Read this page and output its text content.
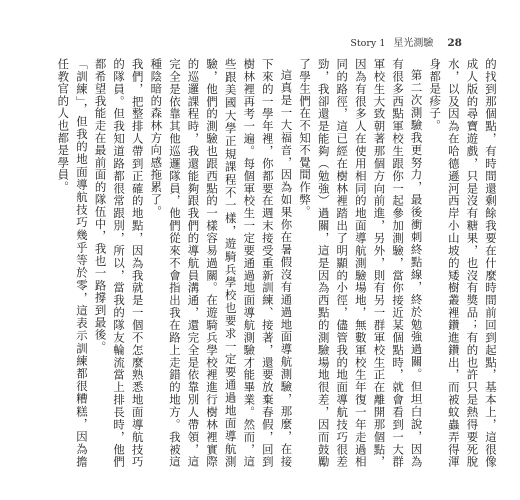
Story 1 星光測驗 28

的找到那個點，有時間還剩餘我要在什麼時間前回到起點，基本上，這很像成人版的尋寶遊戲，只是沒有糖果，也沒有獎品；有的也許只是熱得要死脫水，以及因為在哈德遜河西岸小山坡的矮樹叢裡鑽進鑽出，而被蚊蟲弄得渾身都是疹子。

第二次測驗我更努力，最後衝刺終點線，終於勉強過關。但坦白說，因為有很多西點軍校生跟你一起參加測驗，當你接近某個點時，就會看到一大群軍校生大致朝著那個方向前進，另外，則有另一群軍校生正在離開那個點，因為有很多人在使用相同的地面導航測驗場地，無數軍校生年復一年走過相同的路徑，這已經在樹林裡踏出了明顯的小徑，儘管我的地面導航技巧很差勁，我卻還是能夠（勉強）過關，這是因為西點的測驗場地很差，因而鼓勵了學生們在不知不覺間作弊。

這真是一大福音，因為如果你在暑假沒有通過地面導航測驗，那麼，在接下來的一學年裡，你都要在週末接受重新訓練、接著，還要放棄春假，回到樹林裡再考一遍。每個軍校生一定要通過地面導航測驗才能畢業。然而，這些跟美國大學正規課程不一樣，遊騎兵學校也要求一定要通過地面導航測驗，他們的測驗也跟西點的一樣容易過關。在遊騎兵學校裡進行樹林裡實際的巡邏課程時，我還能夠跟我們的導航員溝通，還完全是依靠別人帶領，這完全是依靠其他巡邏隊員，他們從來不會指出我在路上走錯的地方。我被這種陰暗的森林方向感拖累了。

我們，把整排人帶到正確的地點，因為我就是一個不怎麼熟悉地面導航技巧的隊員。但我知道路都很常跟別，所以，當我的隊友輪流當上排長時，他們都希望我能走在最前面的隊伍中，我也一路撐到最後。

「訓練」，但我的地面導航技巧幾乎等於零，這表示訓練都很糟糕，因為擔任教官的人也都是學員。
